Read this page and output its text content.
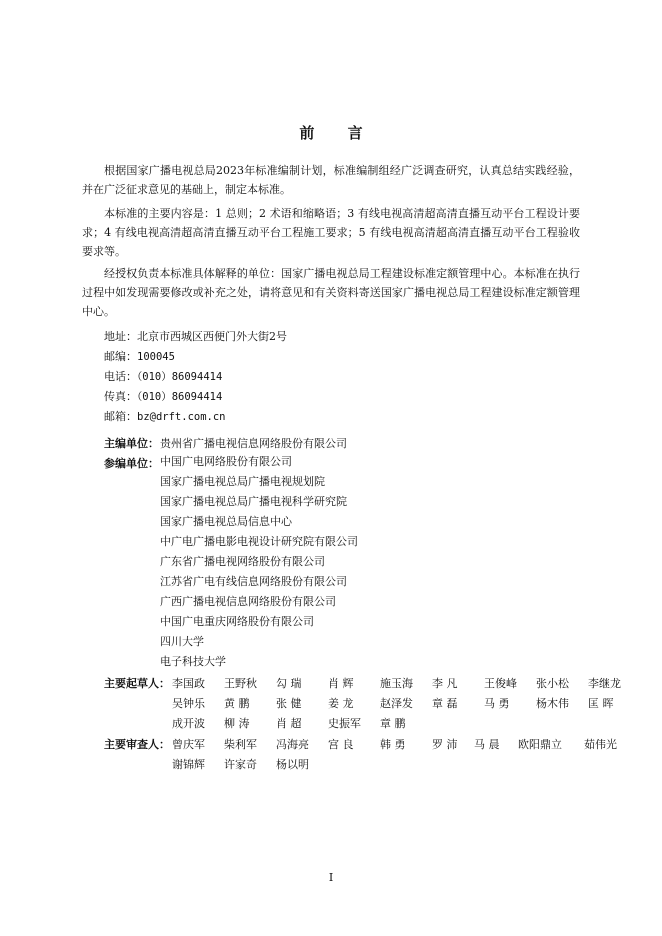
前 言
根据国家广播电视总局2023年标准编制计划，标准编制组经广泛调查研究，认真总结实践经验，并在广泛征求意见的基础上，制定本标准。
本标准的主要内容是：1 总则；2 术语和缩略语；3 有线电视高清超高清直播互动平台工程设计要求；4 有线电视高清超高清直播互动平台工程施工要求；5 有线电视高清超高清直播互动平台工程验收要求等。
经授权负责本标准具体解释的单位：国家广播电视总局工程建设标准定额管理中心。本标准在执行过程中如发现需要修改或补充之处，请将意见和有关资料寄送国家广播电视总局工程建设标准定额管理中心。
地址：北京市西城区西便门外大街2号
邮编：100045
电话：（010）86094414
传真：（010）86094414
邮箱：bz@drft.com.cn
主编单位： 贵州省广播电视信息网络股份有限公司
参编单位： 中国广电网络股份有限公司
国家广播电视总局广播电视规划院
国家广播电视总局广播电视科学研究院
国家广播电视总局信息中心
中广电广播电影电视设计研究院有限公司
广东省广播电视网络股份有限公司
江苏省广电有线信息网络股份有限公司
广西广播电视信息网络股份有限公司
中国广电重庆网络股份有限公司
四川大学
电子科技大学
主要起草人： 李国政 王野秋 勾 瑞 肖 辉 施玉海 李 凡 王俊峰 张小松 李继龙
吴钟乐 黄 鹏 张 健 姜 龙 赵泽发 章 磊 马 勇 杨木伟 匡 晖
成开波 柳 涛 肖 超 史振军 章 鹏
主要审查人： 曾庆军 柴利军 冯海亮 宫 良 韩 勇 罗 沛 马 晨 欧阳鼎立 茹伟光
谢锦辉 许家奇 杨以明
I
